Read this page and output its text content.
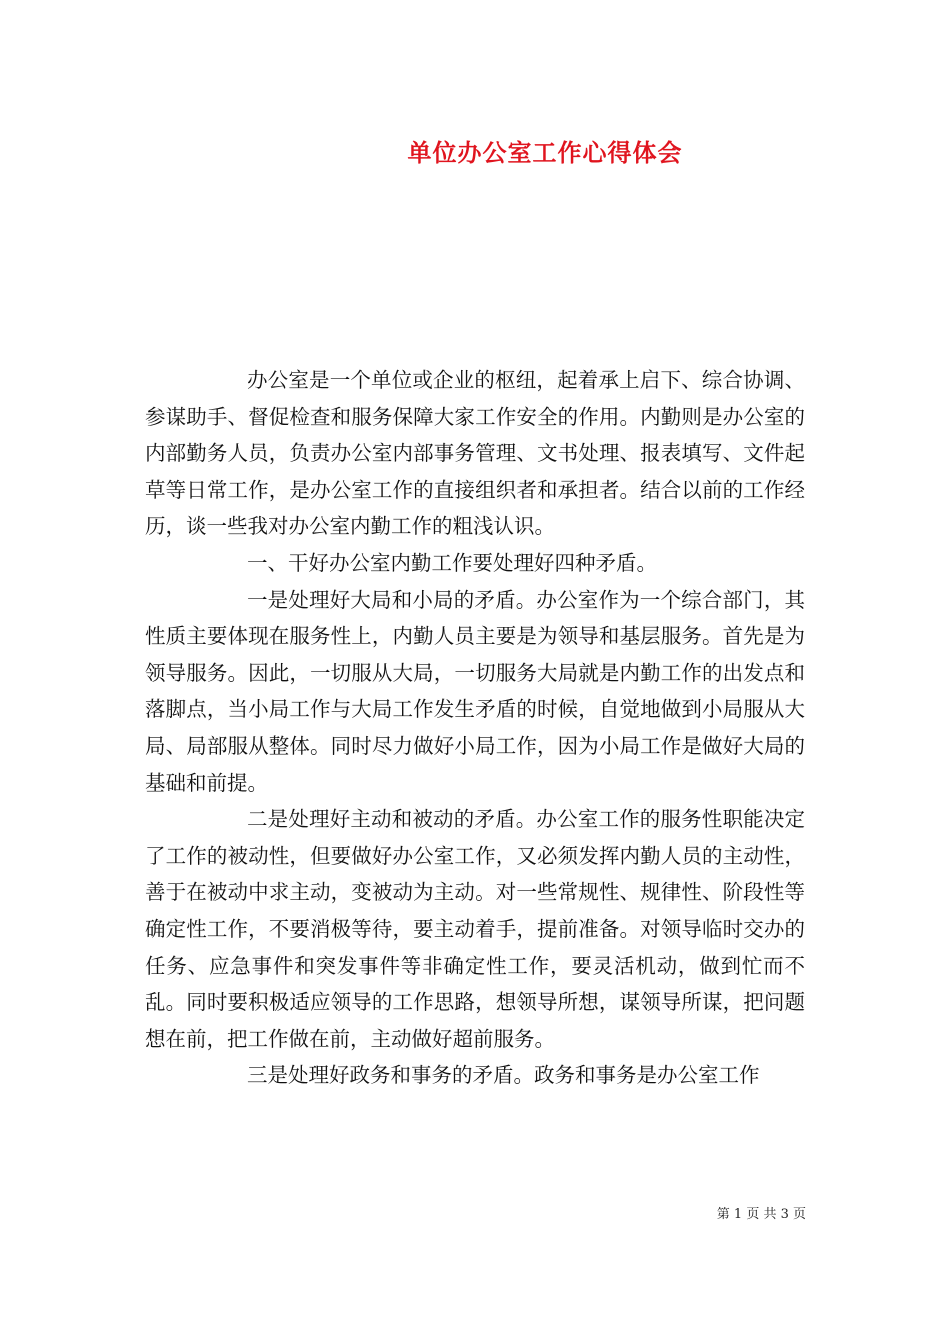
单位办公室工作心得体会

办公室是一个单位或企业的枢纽，起着承上启下、综合协调、参谋助手、督促检查和服务保障大家工作安全的作用。内勤则是办公室的内部勤务人员，负责办公室内部事务管理、文书处理、报表填写、文件起草等日常工作，是办公室工作的直接组织者和承担者。结合以前的工作经历，谈一些我对办公室内勤工作的粗浅认识。

一、干好办公室内勤工作要处理好四种矛盾。

一是处理好大局和小局的矛盾。办公室作为一个综合部门，其性质主要体现在服务性上，内勤人员主要是为领导和基层服务。首先是为领导服务。因此，一切服从大局，一切服务大局就是内勤工作的出发点和落脚点，当小局工作与大局工作发生矛盾的时候，自觉地做到小局服从大局、局部服从整体。同时尽力做好小局工作，因为小局工作是做好大局的基础和前提。

二是处理好主动和被动的矛盾。办公室工作的服务性职能决定了工作的被动性，但要做好办公室工作，又必须发挥内勤人员的主动性，善于在被动中求主动，变被动为主动。对一些常规性、规律性、阶段性等确定性工作，不要消极等待，要主动着手，提前准备。对领导临时交办的任务、应急事件和突发事件等非确定性工作，要灵活机动，做到忙而不乱。同时要积极适应领导的工作思路，想领导所想，谋领导所谋，把问题想在前，把工作做在前，主动做好超前服务。

三是处理好政务和事务的矛盾。政务和事务是办公室工作

第 1 页 共 3 页
